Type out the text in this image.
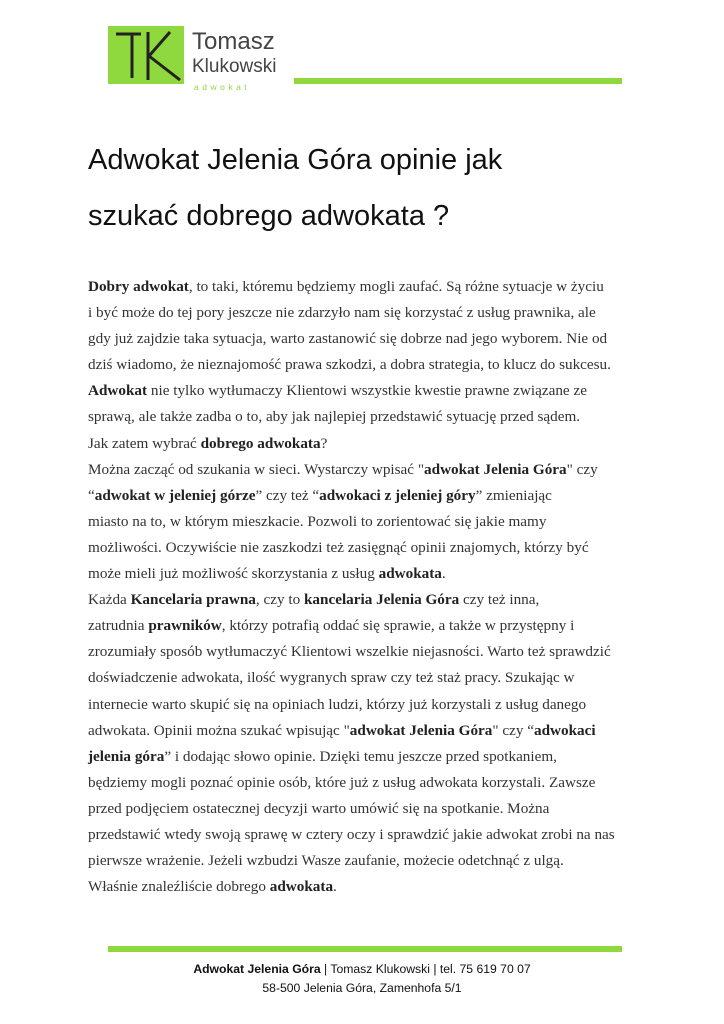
Tomasz
Klukowski
adwokat
Adwokat Jelenia Góra opinie jak
szukać dobrego adwokata ?

Dobry adwokat, to taki, któremu będziemy mogli zaufać. Są różne sytuacje w życiu

i być może do tej pory jeszcze nie zdarzyło nam się korzystać z usług prawnika, ale

gdy już zajdzie taka sytuacja, warto zastanowić się dobrze nad jego wyborem. Nie od

dziś wiadomo, że nieznajomość prawa szkodzi, a dobra strategia, to klucz do sukcesu.

Adwokat nie tylko wytłumaczy Klientowi wszystkie kwestie prawne związane ze

sprawą, ale także zadba o to, aby jak najlepiej przedstawić sytuację przed sądem.

Jak zatem wybrać dobrego adwokata?

Można zacząć od szukania w sieci. Wystarczy wpisać "adwokat Jelenia Góra" czy

“adwokat w jeleniej górze” czy też “adwokaci z jeleniej góry” zmieniając

miasto na to, w którym mieszkacie. Pozwoli to zorientować się jakie mamy

możliwości. Oczywiście nie zaszkodzi też zasięgnąć opinii znajomych, którzy być

może mieli już możliwość skorzystania z usług adwokata.

Każda Kancelaria prawna, czy to kancelaria Jelenia Góra czy też inna,

zatrudnia prawników, którzy potrafią oddać się sprawie, a także w przystępny i

zrozumiały sposób wytłumaczyć Klientowi wszelkie niejasności. Warto też sprawdzić

doświadczenie adwokata, ilość wygranych spraw czy też staż pracy. Szukając w

internecie warto skupić się na opiniach ludzi, którzy już korzystali z usług danego

adwokata. Opinii można szukać wpisując "adwokat Jelenia Góra" czy “adwokaci

jelenia góra” i dodając słowo opinie. Dzięki temu jeszcze przed spotkaniem,

będziemy mogli poznać opinie osób, które już z usług adwokata korzystali. Zawsze

przed podjęciem ostatecznej decyzji warto umówić się na spotkanie. Można

przedstawić wtedy swoją sprawę w cztery oczy i sprawdzić jakie adwokat zrobi na nas

pierwsze wrażenie. Jeżeli wzbudzi Wasze zaufanie, możecie odetchnąć z ulgą.

Właśnie znaleźliście dobrego adwokata.

Adwokat Jelenia Góra | Tomasz Klukowski | tel. 75 619 70 07
58-500 Jelenia Góra, Zamenhofa 5/1
